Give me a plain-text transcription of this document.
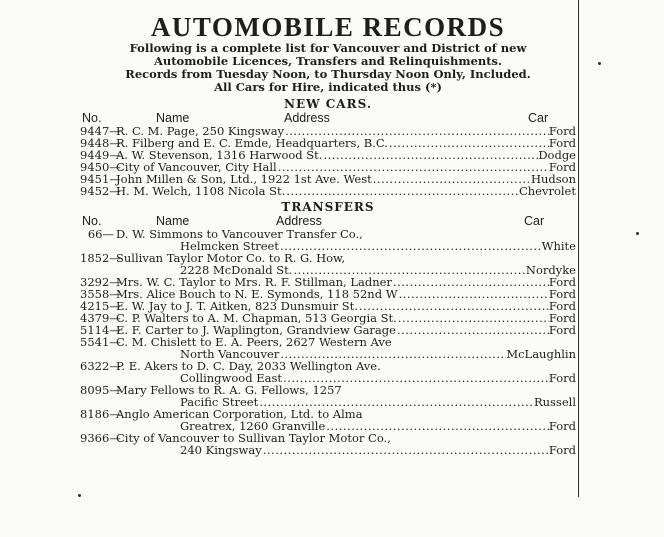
AUTOMOBILE RECORDS
Following is a complete list for Vancouver and District of new
Automobile Licences, Transfers and Relinquishments.
Records from Tuesday Noon, to Thursday Noon Only, Included.
All Cars for Hire, indicated thus (*)
NEW CARS.
No.	Name	Address	Car
9447—
R. C. M. Page, 250 Kingsway .....	Ford
9448—
R. Filberg and E. C. Emde, Headquarters, B.C. .....	Ford
9449—
A. W. Stevenson, 1316 Harwood St. .....	Dodge
9450—
City of Vancouver, City Hall .....	Ford
9451—
John Millen & Son, Ltd., 1922 1st Ave. West .....	Hudson
9452—
H. M. Welch, 1108 Nicola St. .....	Chevrolet
TRANSFERS
No.	Name	Address	Car
66— D. W. Simmons to Vancouver Transfer Co.,
Helmcken Street .....	White
1852—
Sullivan Taylor Motor Co. to R. G. How,
2228 McDonald St. .....	Nordyke
3292—
Mrs. W. C. Taylor to Mrs. R. F. Stillman, Ladner .....	Ford
3558—
Mrs. Alice Bouch to N. E. Symonds, 118 52nd W .....	Ford
4215—
E. W. Jay to J. T. Aitken, 823 Dunsmuir St. .....	Ford
4379—
C. P. Walters to A. M. Chapman, 513 Georgia St. .....	Ford
5114—
E. F. Carter to J. Waplington, Grandview Garage .....	Ford
5541—
C. M. Chislett to E. A. Peers, 2627 Western Ave
North Vancouver .....	McLaughlin
6322—
P. E. Akers to D. C. Day, 2033 Wellington Ave.
Collingwood East .....	Ford
8095—
Mary Fellows to R. A. G. Fellows, 1257
Pacific Street .....	Russell
8186—
Anglo American Corporation, Ltd. to Alma
Greatrex, 1260 Granville .....	Ford
9366—
City of Vancouver to Sullivan Taylor Motor Co.,
240 Kingsway .....	Ford
